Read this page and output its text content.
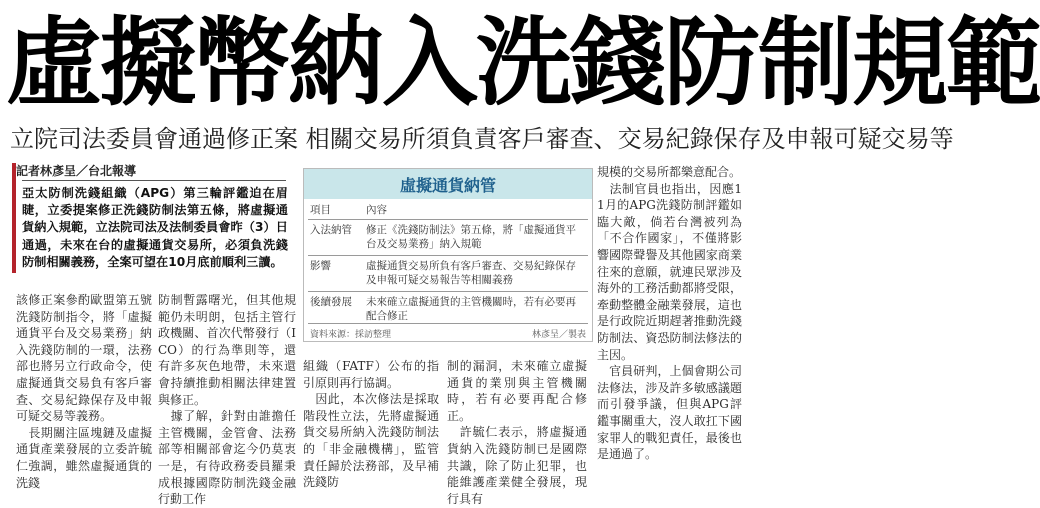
虛擬幣納入洗錢防制規範
立院司法委員會通過修正案 相關交易所須負責客戶審查、交易紀錄保存及申報可疑交易等
記者林彥呈／台北報導
亞太防制洗錢組織（APG）第三輪評鑑迫在眉睫，立委提案修正洗錢防制法第五條，將虛擬通貨納入規範，立法院司法及法制委員會昨（3）日通過，未來在台的虛擬通貨交易所，必須負洗錢防制相關義務，全案可望在10月底前順利三讀。
該修正案參酌歐盟第五號洗錢防制指令，將「虛擬通貨平台及交易業務」納入洗錢防制的一環，法務部也將另立行政命令，使虛擬通貨交易負有客戶審查、交易紀錄保存及申報可疑交易等義務。
　長期關注區塊鏈及虛擬通貨產業發展的立委許毓仁強調，雖然虛擬通貨的洗錢
防制暫露曙光，但其他規範仍未明朗，包括主管行政機關、首次代幣發行（ICO）的行為準則等，還有許多灰色地帶，未來還會持續推動相關法律建置與修正。
　據了解，針對由誰擔任主管機關，金管會、法務部等相關部會迄今仍莫衷一是，有待政務委員羅秉成根據國際防制洗錢金融行動工作
組織（FATF）公布的指引原則再行協調。
　因此，本次修法是採取階段性立法，先將虛擬通貨交易所納入洗錢防制法的「非金融機構」，監管責任歸於法務部，及早補洗錢防
制的漏洞，未來確立虛擬通貨的業別與主管機關時，若有必要再配合修正。
　許毓仁表示，將虛擬通貨納入洗錢防制已是國際共識，除了防止犯罪，也能維護產業健全發展，現行具有
規模的交易所都樂意配合。
　法制官員也指出，因應11月的APG洗錢防制評鑑如臨大敵，倘若台灣被列為「不合作國家」，不僅將影響國際聲譽及其他國家商業往來的意願，就連民眾涉及海外的工務活動都將受限，牽動整體金融業發展，這也是行政院近期趕著推動洗錢防制法、資恐防制法修法的主因。
　官員研判，上個會期公司法修法，涉及許多敏感議題而引發爭議，但與APG評鑑事關重大，沒人敢扛下國家罪人的戰犯責任，最後也是通過了。
虛擬通貨納管
項目	內容
入法納管	修正《洗錢防制法》第五條，將「虛擬通貨平台及交易業務」納入規範
影響	虛擬通貨交易所負有客戶審查、交易紀錄保存及申報可疑交易報告等相關義務
後續發展	未來確立虛擬通貨的主管機關時，若有必要再配合修正
資料來源：採訪整理	林彥呈／製表
